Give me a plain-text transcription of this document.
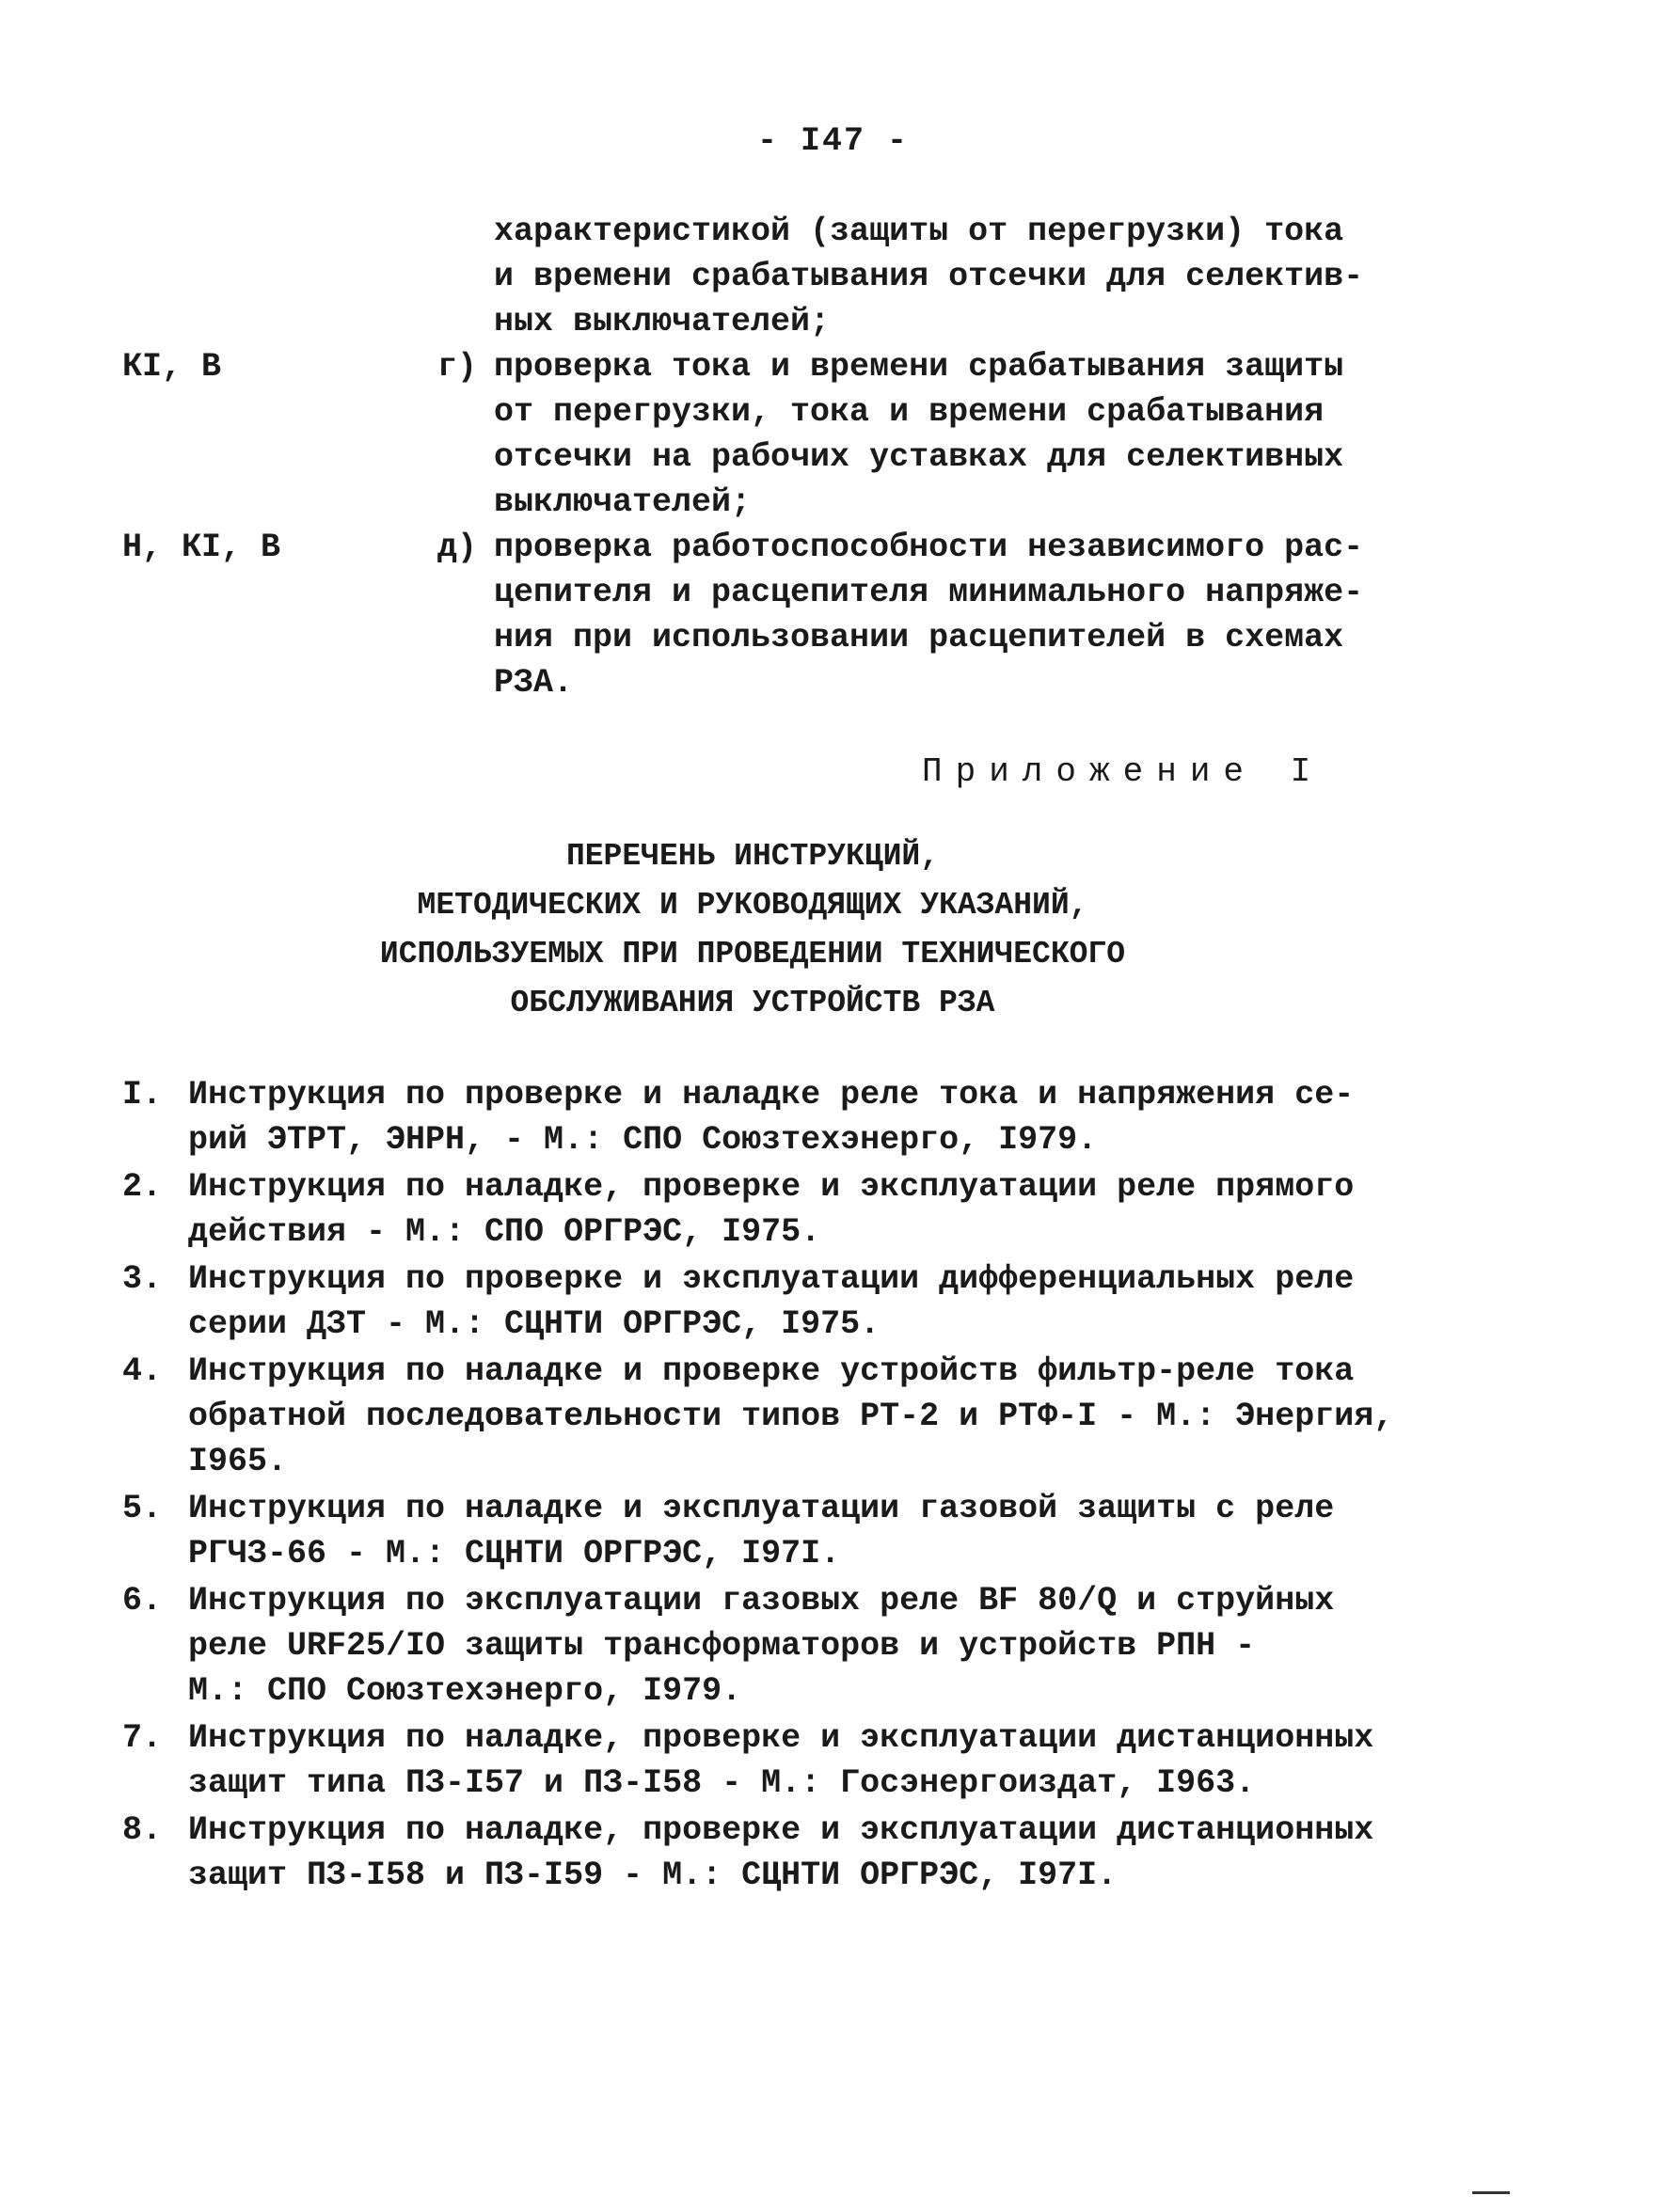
- I47 -
характеристикой (защиты от перегрузки) тока
и времени срабатывания отсечки для селектив-
ных выключателей;
КI, В	г) проверка тока и времени срабатывания защиты
от перегрузки, тока и времени срабатывания
отсечки на рабочих уставках для селективных
выключателей;
Н, КI, В	д) проверка работоспособности независимого рас-
цепителя и расцепителя минимального напряже-
ния при использовании расцепителей в схемах
РЗА.
Приложение I
ПЕРЕЧЕНЬ ИНСТРУКЦИЙ,
МЕТОДИЧЕСКИХ И РУКОВОДЯЩИХ УКАЗАНИЙ,
ИСПОЛЬЗУЕМЫХ ПРИ ПРОВЕДЕНИИ ТЕХНИЧЕСКОГО
ОБСЛУЖИВАНИЯ УСТРОЙСТВ РЗА
I. Инструкция по проверке и наладке реле тока и напряжения се-
рий ЭТРТ, ЭНРН, - М.: СПО Союзтехэнерго, I979.
2. Инструкция по наладке, проверке и эксплуатации реле прямого
действия - М.: СПО ОРГРЭС, I975.
3. Инструкция по проверке и эксплуатации дифференциальных реле
серии ДЗТ - М.: СЦНТИ ОРГРЭС, I975.
4. Инструкция по наладке и проверке устройств фильтр-реле тока
обратной последовательности типов РТ-2 и РТФ-I - М.: Энергия,
I965.
5. Инструкция по наладке и эксплуатации газовой защиты с реле
РГЧЗ-66 - М.: СЦНТИ ОРГРЭС, I97I.
6. Инструкция по эксплуатации газовых реле BF 80/Q и струйных
реле URF25/IO защиты трансформаторов и устройств РПН -
М.: СПО Союзтехэнерго, I979.
7. Инструкция по наладке, проверке и эксплуатации дистанционных
защит типа ПЗ-I57 и ПЗ-I58 - М.: Госэнергоиздат, I963.
8. Инструкция по наладке, проверке и эксплуатации дистанционных
защит ПЗ-I58 и ПЗ-I59 - М.: СЦНТИ ОРГРЭС, I97I.
